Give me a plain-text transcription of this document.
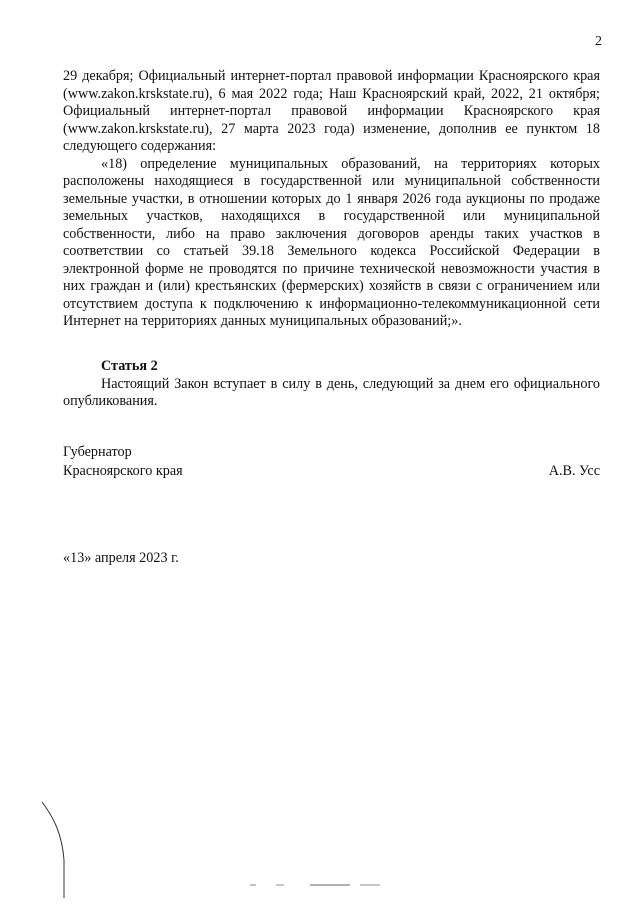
2

29 декабря; Официальный интернет-портал правовой информации Красноярского края (www.zakon.krskstate.ru), 6 мая 2022 года; Наш Красноярский край, 2022, 21 октября; Официальный интернет-портал правовой информации Красноярского края (www.zakon.krskstate.ru), 27 марта 2023 года) изменение, дополнив ее пунктом 18 следующего содержания:

«18) определение муниципальных образований, на территориях которых расположены находящиеся в государственной или муниципальной собственности земельные участки, в отношении которых до 1 января 2026 года аукционы по продаже земельных участков, находящихся в государственной или муниципальной собственности, либо на право заключения договоров аренды таких участков в соответствии со статьей 39.18 Земельного кодекса Российской Федерации в электронной форме не проводятся по причине технической невозможности участия в них граждан и (или) крестьянских (фермерских) хозяйств в связи с ограничением или отсутствием доступа к подключению к информационно-телекоммуникационной сети Интернет на территориях данных муниципальных образований;».

Статья 2

Настоящий Закон вступает в силу в день, следующий за днем его официального опубликования.

Губернатор
Красноярского края	А.В. Усс
«13» апреля 2023 г.
